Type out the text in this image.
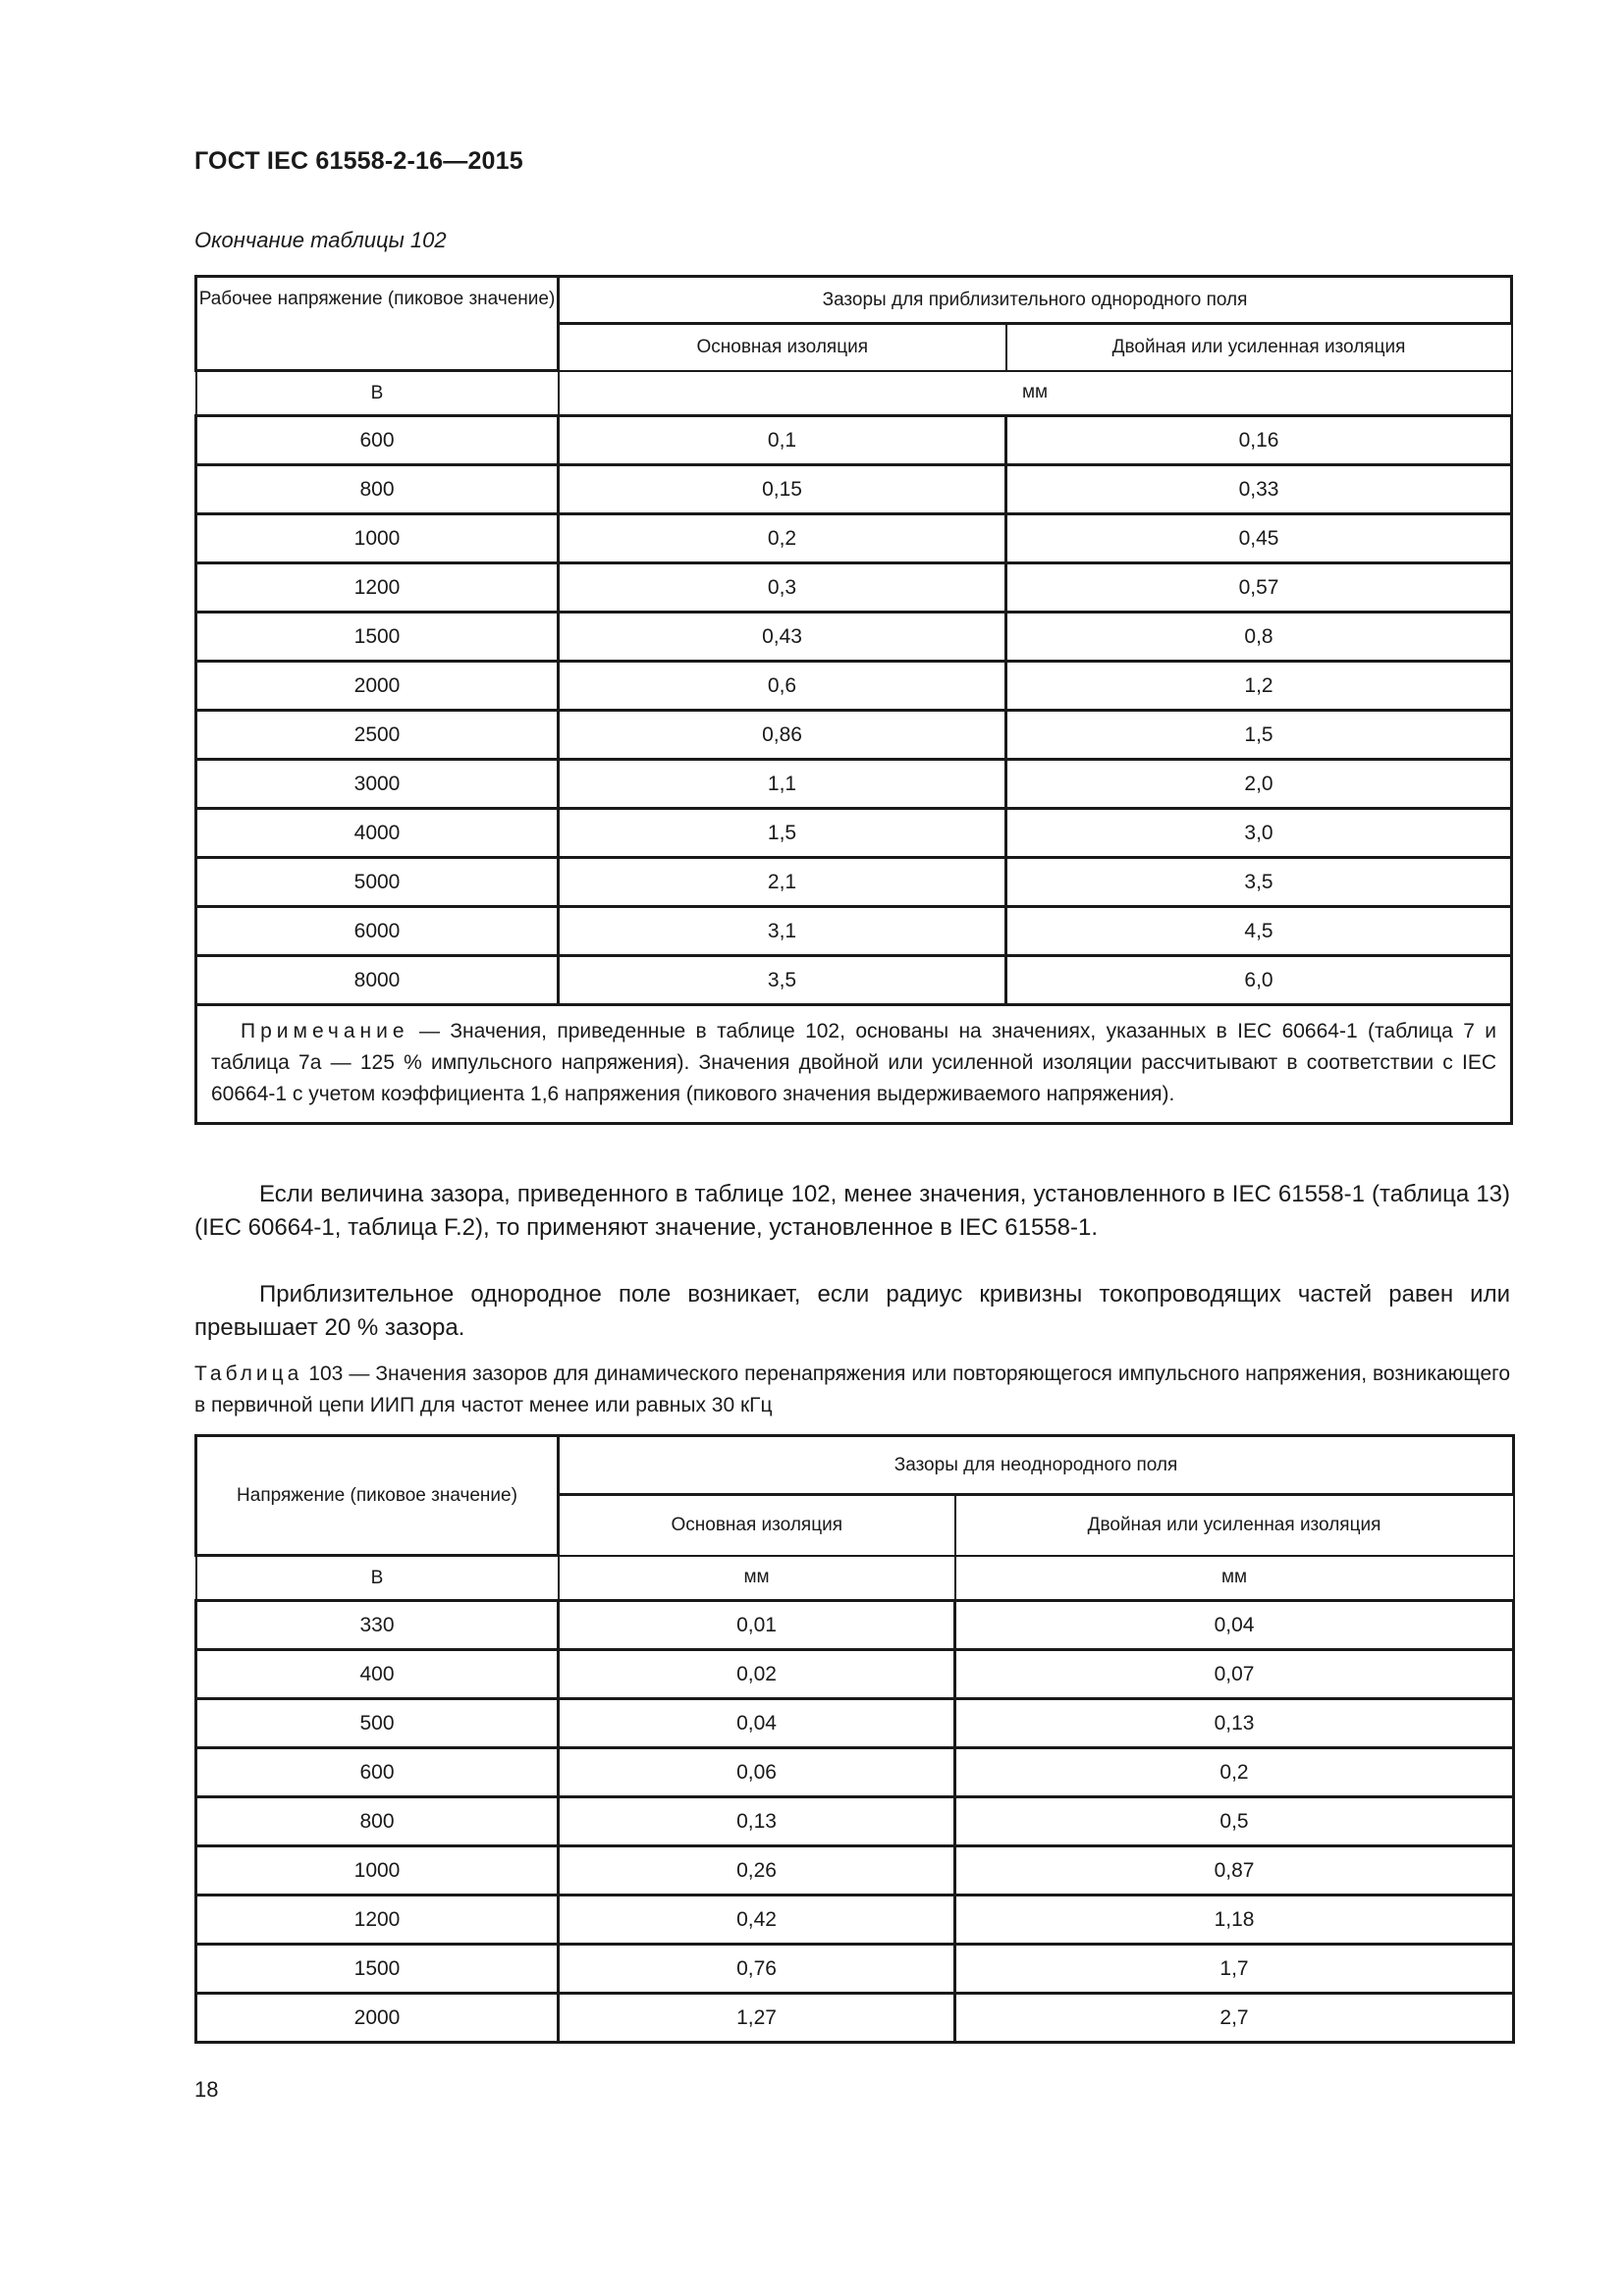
ГОСТ IEC 61558-2-16—2015
Окончание таблицы 102
Рабочее напряжение (пиковое значение)	Зазоры для приблизительного однородного поля	
	Основная изоляция	Двойная или усиленная изоляция
В	мм	
600	0,1	0,16
800	0,15	0,33
1000	0,2	0,45
1200	0,3	0,57
1500	0,43	0,8
2000	0,6	1,2
2500	0,86	1,5
3000	1,1	2,0
4000	1,5	3,0
5000	2,1	3,5
6000	3,1	4,5
8000	3,5	6,0
Примечание — Значения, приведенные в таблице 102, основаны на значениях, указанных в IEC 60664-1 (таблица 7 и таблица 7а — 125 % импульсного напряжения). Значения двойной или усиленной изоляции рассчитывают в соответствии с IEC 60664-1 с учетом коэффициента 1,6 напряжения (пикового значения выдерживаемого напряжения).		
Если величина зазора, приведенного в таблице 102, менее значения, установленного в IEC 61558-1 (таблица 13) (IEC 60664-1, таблица F.2), то применяют значение, установленное в IEC 61558-1.
Приблизительное однородное поле возникает, если радиус кривизны токопроводящих частей равен или превышает 20 % зазора.
Таблица 103 — Значения зазоров для динамического перенапряжения или повторяющегося импульсного напряжения, возникающего в первичной цепи ИИП для частот менее или равных 30 кГц
Напряжение (пиковое значение)	Зазоры для неоднородного поля	
	Основная изоляция	Двойная или усиленная изоляция
В	мм	мм
330	0,01	0,04
400	0,02	0,07
500	0,04	0,13
600	0,06	0,2
800	0,13	0,5
1000	0,26	0,87
1200	0,42	1,18
1500	0,76	1,7
2000	1,27	2,7
18
